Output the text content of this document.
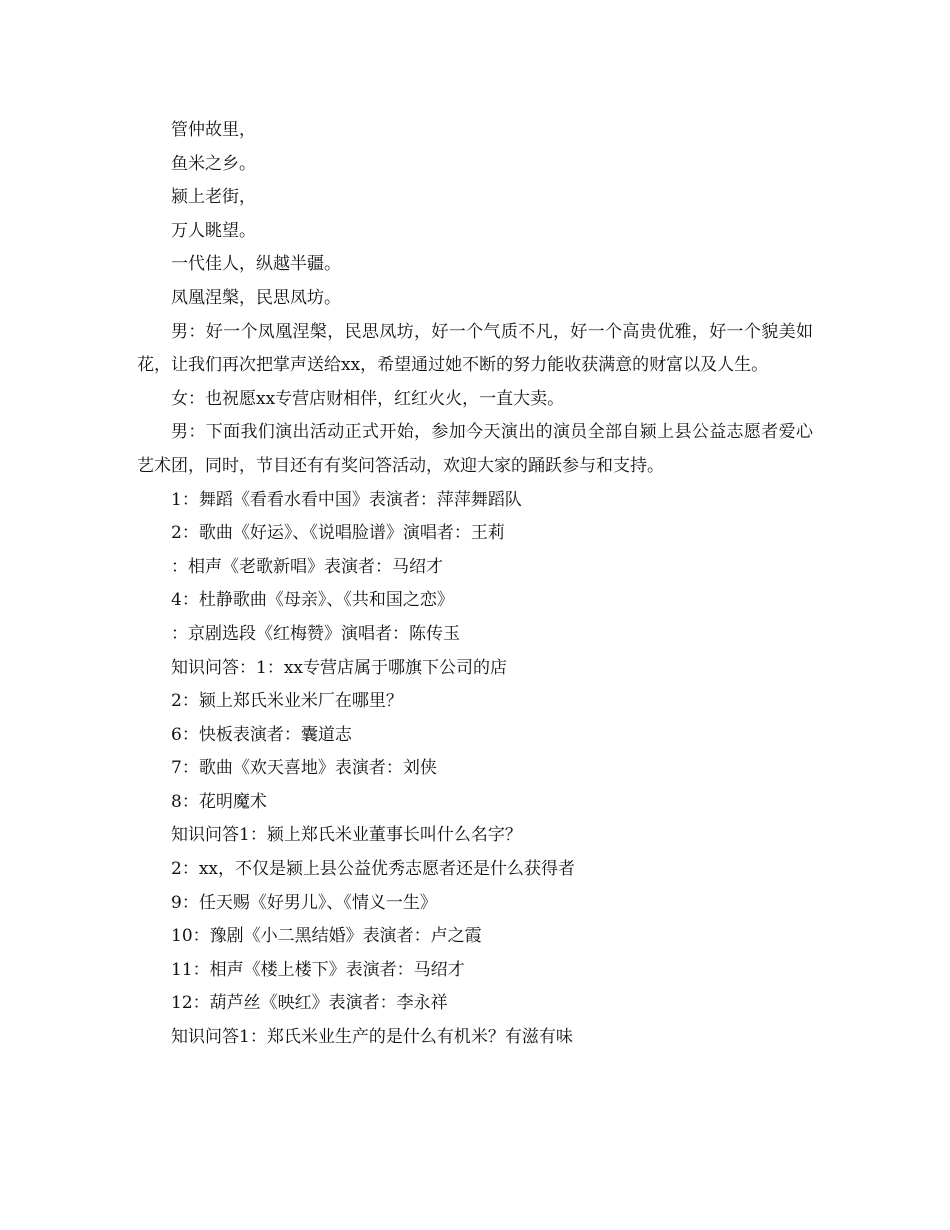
管仲故里，

鱼米之乡。

颍上老街，

万人眺望。

一代佳人，纵越半疆。

凤凰涅槃，民思凤坊。

男：好一个凤凰涅槃，民思凤坊，好一个气质不凡，好一个高贵优雅，好一个貌美如花，让我们再次把掌声送给xx，希望通过她不断的努力能收获满意的财富以及人生。

女：也祝愿xx专营店财相伴，红红火火，一直大卖。

男：下面我们演出活动正式开始，参加今天演出的演员全部自颍上县公益志愿者爱心艺术团，同时，节目还有有奖问答活动，欢迎大家的踊跃参与和支持。

1：舞蹈《看看水看中国》表演者：萍萍舞蹈队

2：歌曲《好运》、《说唱脸谱》演唱者：王莉

：相声《老歌新唱》表演者：马绍才

4：杜静歌曲《母亲》、《共和国之恋》

：京剧选段《红梅赞》演唱者：陈传玉

知识问答：1：xx专营店属于哪旗下公司的店

2：颍上郑氏米业米厂在哪里？

6：快板表演者：囊道志

7：歌曲《欢天喜地》表演者：刘侠

8：花明魔术

知识问答1：颍上郑氏米业董事长叫什么名字？

2：xx，不仅是颍上县公益优秀志愿者还是什么获得者

9：任天赐《好男儿》、《情义一生》

10：豫剧《小二黑结婚》表演者：卢之霞

11：相声《楼上楼下》表演者：马绍才

12：葫芦丝《映红》表演者：李永祥

知识问答1：郑氏米业生产的是什么有机米？有滋有味
